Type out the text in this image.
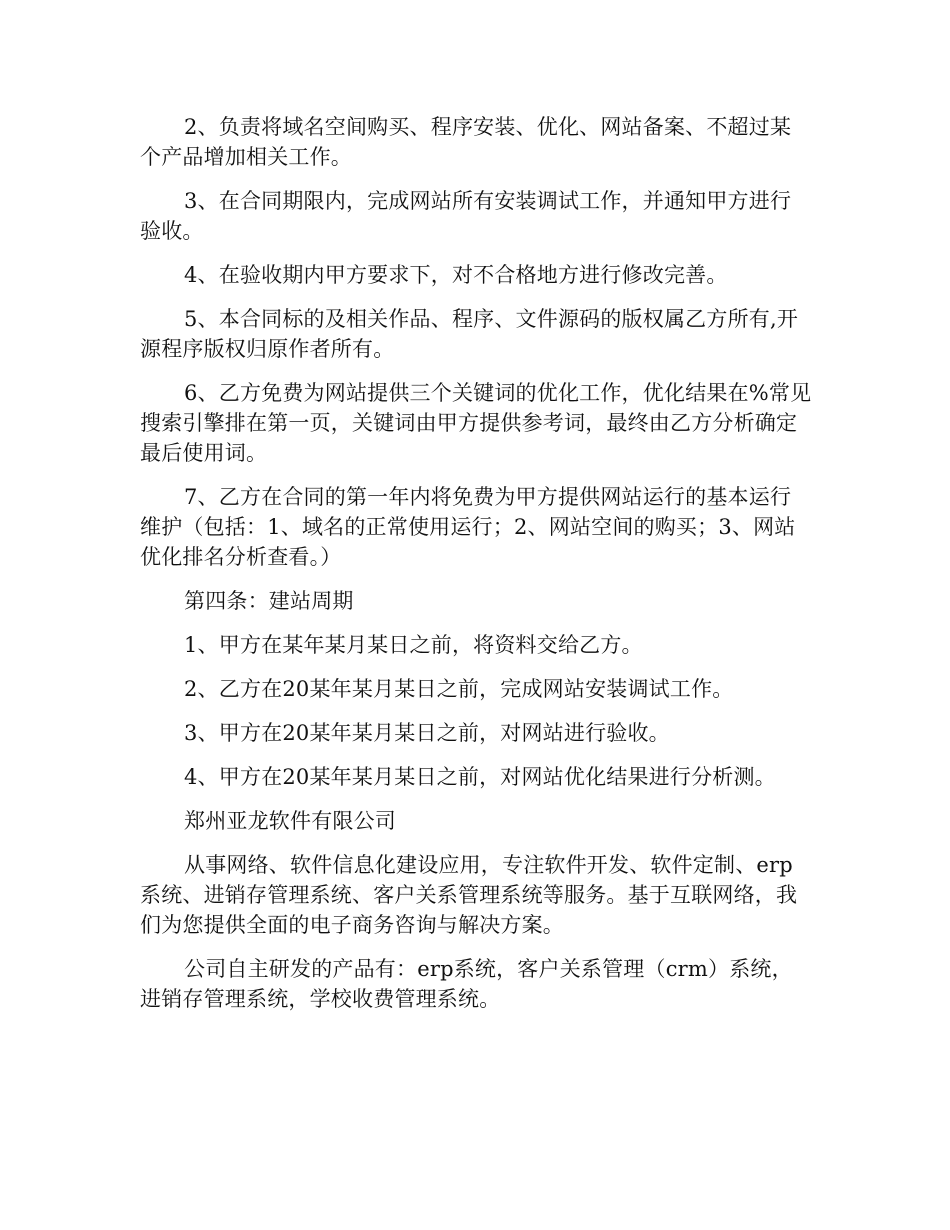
2、负责将域名空间购买、程序安装、优化、网站备案、不超过某个产品增加相关工作。

3、在合同期限内，完成网站所有安装调试工作，并通知甲方进行验收。

4、在验收期内甲方要求下，对不合格地方进行修改完善。

5、本合同标的及相关作品、程序、文件源码的版权属乙方所有,开源程序版权归原作者所有。

6、乙方免费为网站提供三个关键词的优化工作，优化结果在%常见搜索引擎排在第一页，关键词由甲方提供参考词，最终由乙方分析确定最后使用词。

7、乙方在合同的第一年内将免费为甲方提供网站运行的基本运行维护（包括：1、域名的正常使用运行；2、网站空间的购买；3、网站优化排名分析查看。）

第四条：建站周期

1、甲方在某年某月某日之前，将资料交给乙方。

2、乙方在20某年某月某日之前，完成网站安装调试工作。

3、甲方在20某年某月某日之前，对网站进行验收。

4、甲方在20某年某月某日之前，对网站优化结果进行分析测。

郑州亚龙软件有限公司

从事网络、软件信息化建设应用，专注软件开发、软件定制、erp系统、进销存管理系统、客户关系管理系统等服务。基于互联网络，我们为您提供全面的电子商务咨询与解决方案。

公司自主研发的产品有：erp系统，客户关系管理（crm）系统，进销存管理系统，学校收费管理系统。
